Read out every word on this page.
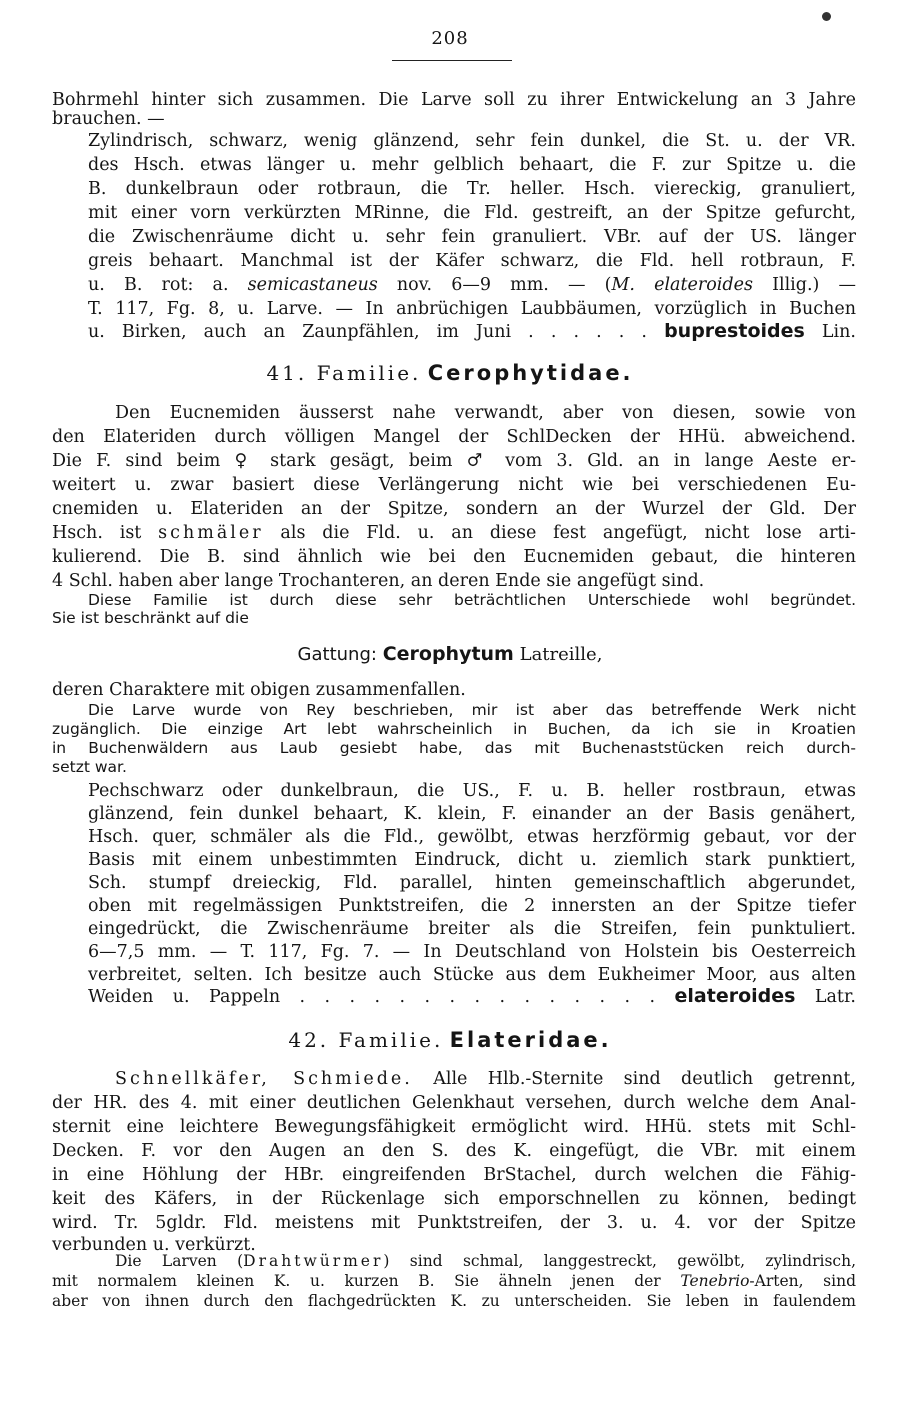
208
Bohrmehl hinter sich zusammen. Die Larve soll zu ihrer Entwickelung an 3 Jahre
brauchen. —
Zylindrisch, schwarz, wenig glänzend, sehr fein dunkel, die St. u. der VR.
des Hsch. etwas länger u. mehr gelblich behaart, die F. zur Spitze u. die
B. dunkelbraun oder rotbraun, die Tr. heller. Hsch. viereckig, granuliert,
mit einer vorn verkürzten MRinne, die Fld. gestreift, an der Spitze gefurcht,
die Zwischenräume dicht u. sehr fein granuliert. VBr. auf der US. länger
greis behaart. Manchmal ist der Käfer schwarz, die Fld. hell rotbraun, F.
u. B. rot: a. semicastaneus nov. 6—9 mm. — (M. elateroides Illig.) —
T. 117, Fg. 8, u. Larve. — In anbrüchigen Laubbäumen, vorzüglich in Buchen
u. Birken, auch an Zaunpfählen, im Juni . . . . . . buprestoides Lin.
41. Familie. Cerophytidae.
Den Eucnemiden äusserst nahe verwandt, aber von diesen, sowie von
den Elateriden durch völligen Mangel der SchlDecken der HHü. abweichend.
Die F. sind beim ♀ stark gesägt, beim ♂ vom 3. Gld. an in lange Aeste er-
weitert u. zwar basiert diese Verlängerung nicht wie bei verschiedenen Eu-
cnemiden u. Elateriden an der Spitze, sondern an der Wurzel der Gld. Der
Hsch. ist schmäler als die Fld. u. an diese fest angefügt, nicht lose arti-
kulierend. Die B. sind ähnlich wie bei den Eucnemiden gebaut, die hinteren
4 Schl. haben aber lange Trochanteren, an deren Ende sie angefügt sind.
Diese Familie ist durch diese sehr beträchtlichen Unterschiede wohl begründet.
Sie ist beschränkt auf die
Gattung: Cerophytum Latreille,
deren Charaktere mit obigen zusammenfallen.
Die Larve wurde von Rey beschrieben, mir ist aber das betreffende Werk nicht
zugänglich. Die einzige Art lebt wahrscheinlich in Buchen, da ich sie in Kroatien
in Buchenwäldern aus Laub gesiebt habe, das mit Buchenaststücken reich durch-
setzt war.
Pechschwarz oder dunkelbraun, die US., F. u. B. heller rostbraun, etwas
glänzend, fein dunkel behaart, K. klein, F. einander an der Basis genähert,
Hsch. quer, schmäler als die Fld., gewölbt, etwas herzförmig gebaut, vor der
Basis mit einem unbestimmten Eindruck, dicht u. ziemlich stark punktiert,
Sch. stumpf dreieckig, Fld. parallel, hinten gemeinschaftlich abgerundet,
oben mit regelmässigen Punktstreifen, die 2 innersten an der Spitze tiefer
eingedrückt, die Zwischenräume breiter als die Streifen, fein punktuliert.
6—7,5 mm. — T. 117, Fg. 7. — In Deutschland von Holstein bis Oesterreich
verbreitet, selten. Ich besitze auch Stücke aus dem Eukheimer Moor, aus alten
Weiden u. Pappeln . . . . . . . . . . . . . . . elateroides Latr.
42. Familie. Elateridae.
Schnellkäfer, Schmiede. Alle Hlb.-Sternite sind deutlich getrennt,
der HR. des 4. mit einer deutlichen Gelenkhaut versehen, durch welche dem Anal-
sternit eine leichtere Bewegungsfähigkeit ermöglicht wird. HHü. stets mit Schl-
Decken. F. vor den Augen an den S. des K. eingefügt, die VBr. mit einem
in eine Höhlung der HBr. eingreifenden BrStachel, durch welchen die Fähig-
keit des Käfers, in der Rückenlage sich emporschnellen zu können, bedingt
wird. Tr. 5gldr. Fld. meistens mit Punktstreifen, der 3. u. 4. vor der Spitze
verbunden u. verkürzt.
Die Larven (Drahtwürmer) sind schmal, langgestreckt, gewölbt, zylindrisch,
mit normalem kleinen K. u. kurzen B. Sie ähneln jenen der Tenebrio-Arten, sind
aber von ihnen durch den flachgedrückten K. zu unterscheiden. Sie leben in faulendem
